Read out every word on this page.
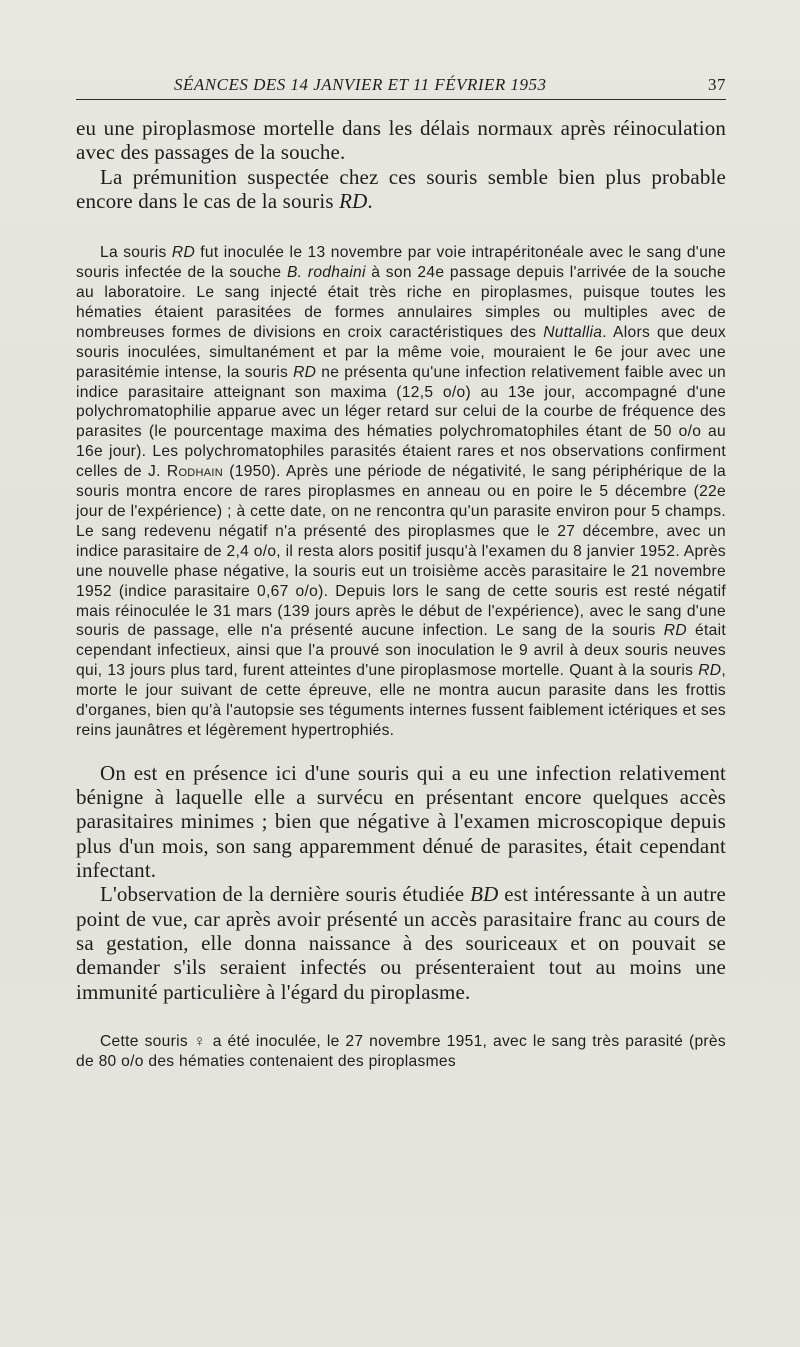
SÉANCES DES 14 JANVIER ET 11 FÉVRIER 1953	37

eu une piroplasmose mortelle dans les délais normaux après réinoculation avec des passages de la souche.

La prémunition suspectée chez ces souris semble bien plus probable encore dans le cas de la souris RD.

La souris RD fut inoculée le 13 novembre par voie intrapéritonéale avec le sang d'une souris infectée de la souche B. rodhaini à son 24e passage depuis l'arrivée de la souche au laboratoire. Le sang injecté était très riche en piroplasmes, puisque toutes les hématies étaient parasitées de formes annulaires simples ou multiples avec de nombreuses formes de divisions en croix caractéristiques des Nuttallia. Alors que deux souris inoculées, simultanément et par la même voie, mouraient le 6e jour avec une parasitémie intense, la souris RD ne présenta qu'une infection relativement faible avec un indice parasitaire atteignant son maxima (12,5 o/o) au 13e jour, accompagné d'une polychromatophilie apparue avec un léger retard sur celui de la courbe de fréquence des parasites (le pourcentage maxima des hématies polychromatophiles étant de 50 o/o au 16e jour). Les polychromatophiles parasités étaient rares et nos observations confirment celles de J. Rodhain (1950). Après une période de négativité, le sang périphérique de la souris montra encore de rares piroplasmes en anneau ou en poire le 5 décembre (22e jour de l'expérience) ; à cette date, on ne rencontra qu'un parasite environ pour 5 champs. Le sang redevenu négatif n'a présenté des piroplasmes que le 27 décembre, avec un indice parasitaire de 2,4 o/o, il resta alors positif jusqu'à l'examen du 8 janvier 1952. Après une nouvelle phase négative, la souris eut un troisième accès parasitaire le 21 novembre 1952 (indice parasitaire 0,67 o/o). Depuis lors le sang de cette souris est resté négatif mais réinoculée le 31 mars (139 jours après le début de l'expérience), avec le sang d'une souris de passage, elle n'a présenté aucune infection. Le sang de la souris RD était cependant infectieux, ainsi que l'a prouvé son inoculation le 9 avril à deux souris neuves qui, 13 jours plus tard, furent atteintes d'une piroplasmose mortelle. Quant à la souris RD, morte le jour suivant de cette épreuve, elle ne montra aucun parasite dans les frottis d'organes, bien qu'à l'autopsie ses téguments internes fussent faiblement ictériques et ses reins jaunâtres et légèrement hypertrophiés.

On est en présence ici d'une souris qui a eu une infection relativement bénigne à laquelle elle a survécu en présentant encore quelques accès parasitaires minimes ; bien que négative à l'examen microscopique depuis plus d'un mois, son sang apparemment dénué de parasites, était cependant infectant.

L'observation de la dernière souris étudiée BD est intéressante à un autre point de vue, car après avoir présenté un accès parasitaire franc au cours de sa gestation, elle donna naissance à des souriceaux et on pouvait se demander s'ils seraient infectés ou présenteraient tout au moins une immunité particulière à l'égard du piroplasme.

Cette souris ♀ a été inoculée, le 27 novembre 1951, avec le sang très parasité (près de 80 o/o des hématies contenaient des piroplasmes
